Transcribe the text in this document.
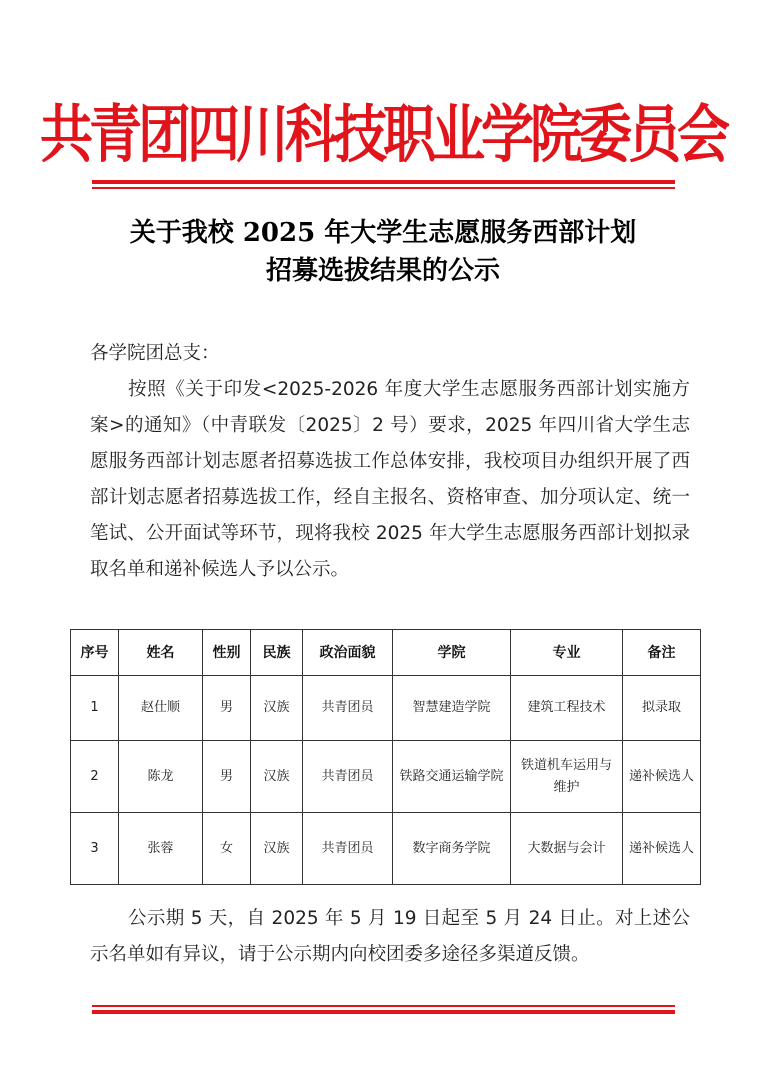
共青团四川科技职业学院委员会
关于我校 2025 年大学生志愿服务西部计划
招募选拔结果的公示
各学院团总支：
按照《关于印发<2025-2026 年度大学生志愿服务西部计划实施方案>的通知》（中青联发〔2025〕2 号）要求，2025 年四川省大学生志愿服务西部计划志愿者招募选拔工作总体安排，我校项目办组织开展了西部计划志愿者招募选拔工作，经自主报名、资格审查、加分项认定、统一笔试、公开面试等环节，现将我校 2025 年大学生志愿服务西部计划拟录取名单和递补候选人予以公示。
序号	姓名	性别	民族	政治面貌	学院	专业	备注
1	赵仕顺	男	汉族	共青团员	智慧建造学院	建筑工程技术	拟录取
2	陈龙	男	汉族	共青团员	铁路交通运输学院	铁道机车运用与维护	递补候选人
3	张蓉	女	汉族	共青团员	数字商务学院	大数据与会计	递补候选人
公示期 5 天，自 2025 年 5 月 19 日起至 5 月 24 日止。对上述公示名单如有异议，请于公示期内向校团委多途径多渠道反馈。
